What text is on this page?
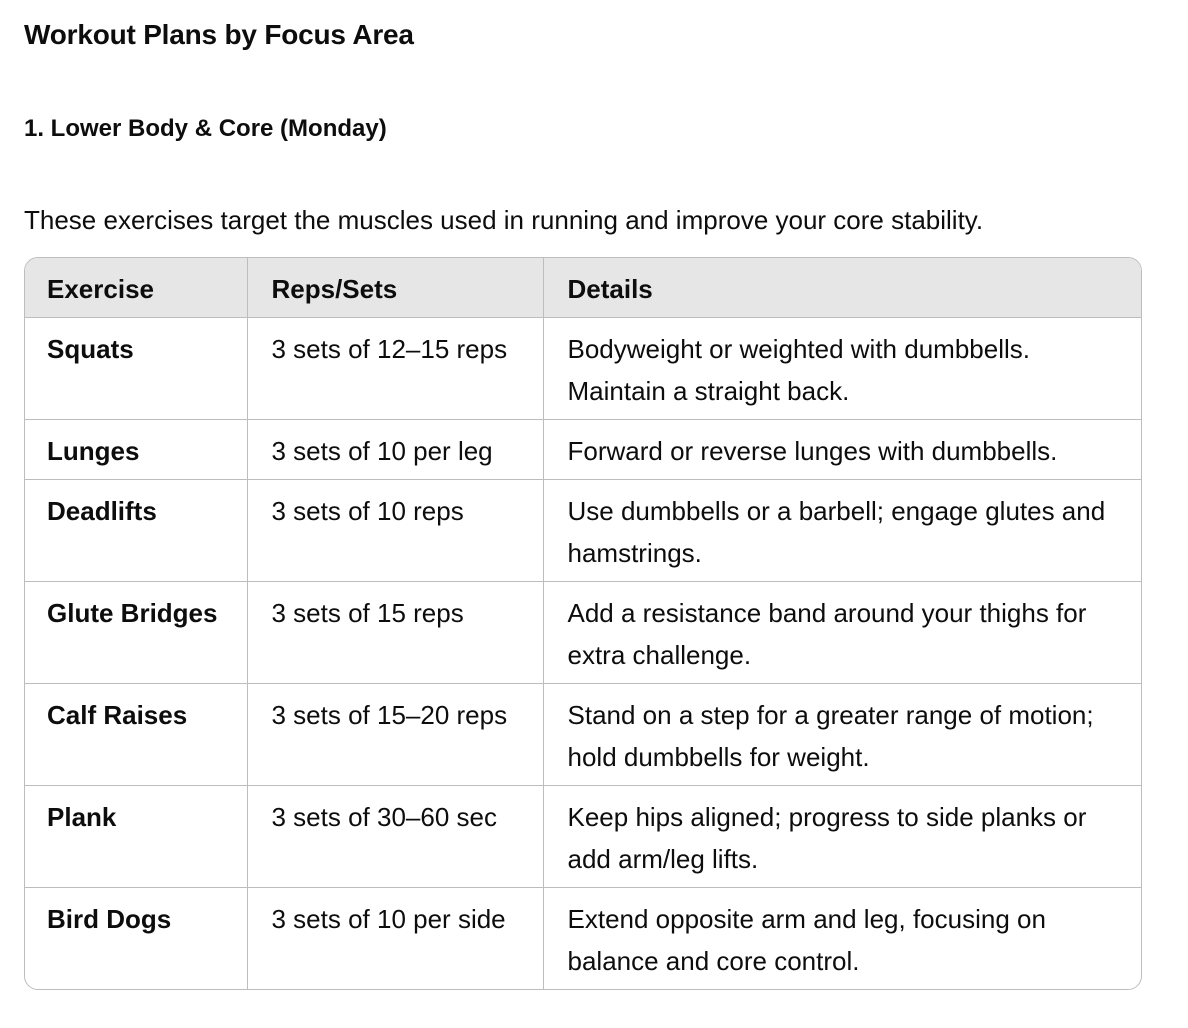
Workout Plans by Focus Area
1. Lower Body & Core (Monday)

These exercises target the muscles used in running and improve your core stability.

Exercise	Reps/Sets	Details
Squats	3 sets of 12–15 reps	Bodyweight or weighted with dumbbells. Maintain a straight back.
Lunges	3 sets of 10 per leg	Forward or reverse lunges with dumbbells.
Deadlifts	3 sets of 10 reps	Use dumbbells or a barbell; engage glutes and hamstrings.
Glute Bridges	3 sets of 15 reps	Add a resistance band around your thighs for extra challenge.
Calf Raises	3 sets of 15–20 reps	Stand on a step for a greater range of motion; hold dumbbells for weight.
Plank	3 sets of 30–60 sec	Keep hips aligned; progress to side planks or add arm/leg lifts.
Bird Dogs	3 sets of 10 per side	Extend opposite arm and leg, focusing on balance and core control.
